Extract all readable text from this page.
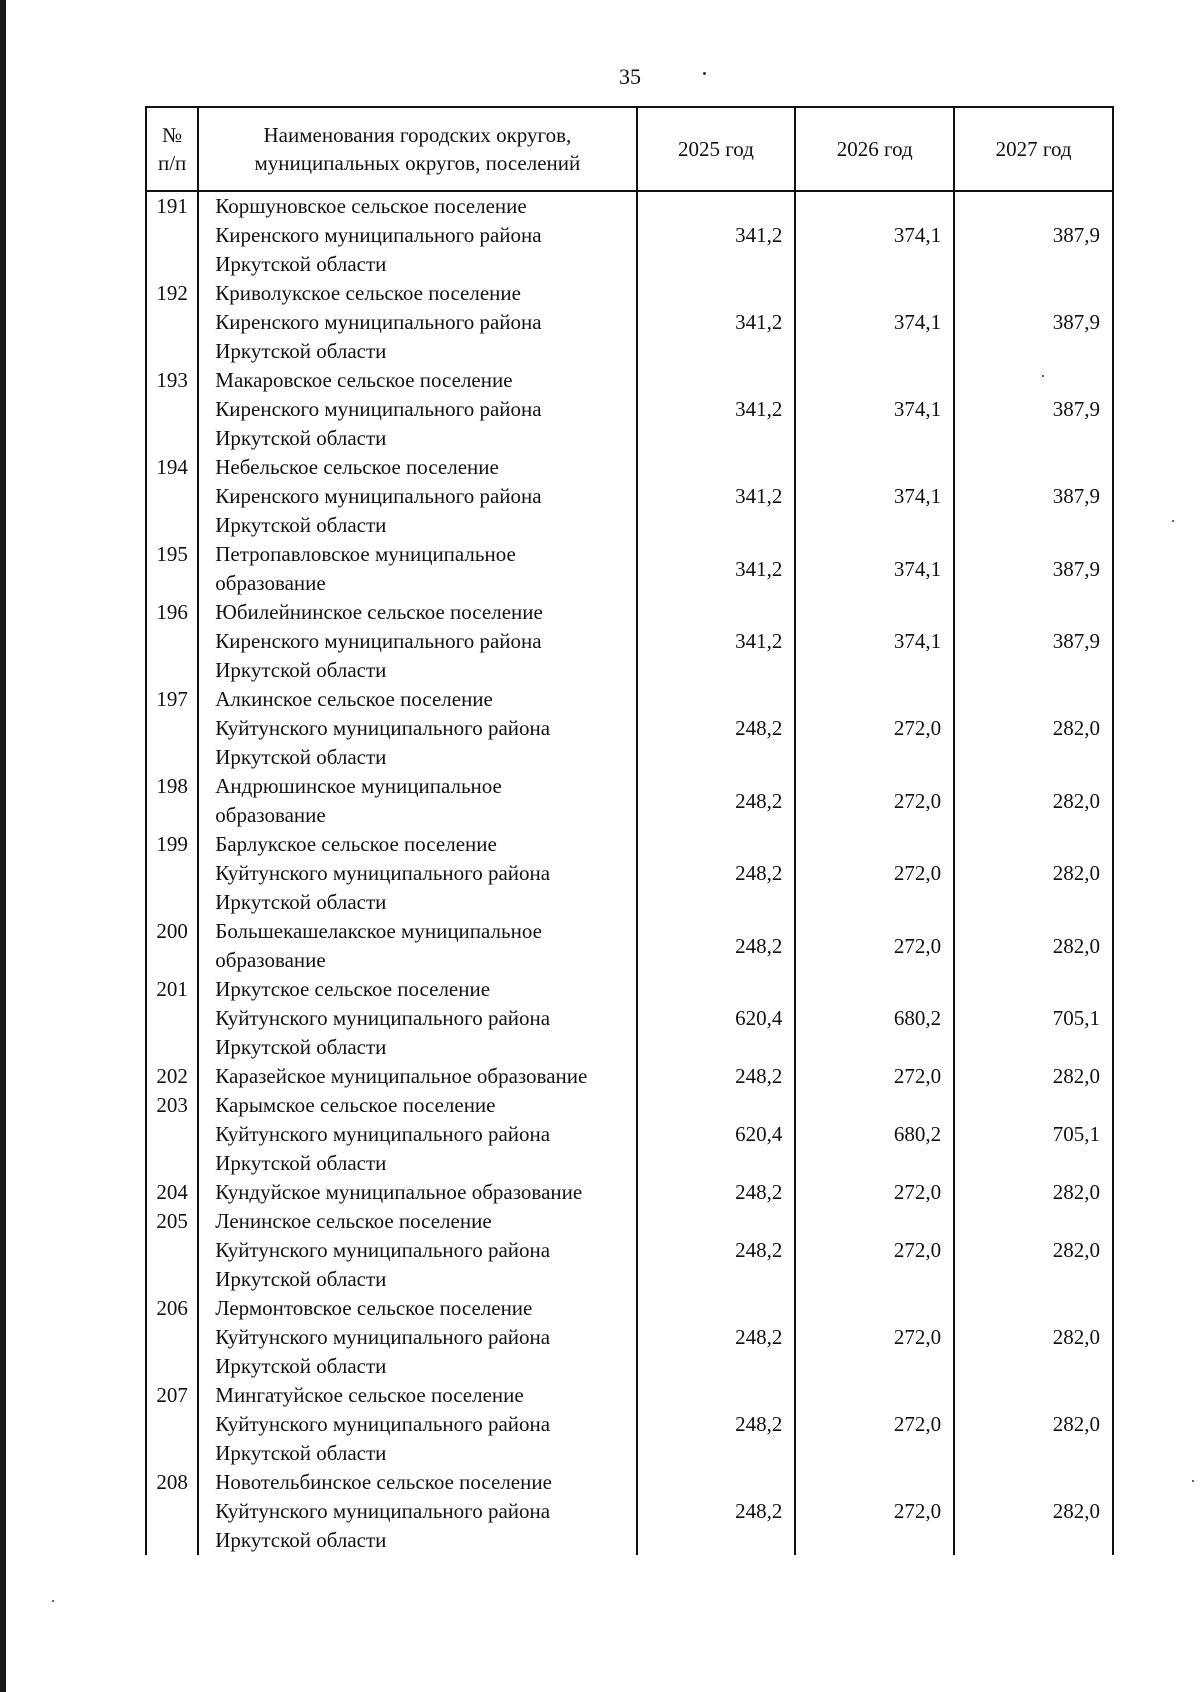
35
№ п/п	Наименования городских округов, муниципальных округов, поселений	2025 год	2026 год	2027 год
191	Коршуновское сельское поселение
Киренского муниципального района
Иркутской области	341,2	374,1	387,9
192	Криволукское сельское поселение
Киренского муниципального района
Иркутской области	341,2	374,1	387,9
193	Макаровское сельское поселение
Киренского муниципального района
Иркутской области	341,2	374,1	387,9
194	Небельское сельское поселение
Киренского муниципального района
Иркутской области	341,2	374,1	387,9
195	Петропавловское муниципальное
образование	341,2	374,1	387,9
196	Юбилейнинское сельское поселение
Киренского муниципального района
Иркутской области	341,2	374,1	387,9
197	Алкинское сельское поселение
Куйтунского муниципального района
Иркутской области	248,2	272,0	282,0
198	Андрюшинское муниципальное
образование	248,2	272,0	282,0
199	Барлукское сельское поселение
Куйтунского муниципального района
Иркутской области	248,2	272,0	282,0
200	Большекашелакское муниципальное
образование	248,2	272,0	282,0
201	Иркутское сельское поселение
Куйтунского муниципального района
Иркутской области	620,4	680,2	705,1
202	Каразейское муниципальное образование	248,2	272,0	282,0
203	Карымское сельское поселение
Куйтунского муниципального района
Иркутской области	620,4	680,2	705,1
204	Кундуйское муниципальное образование	248,2	272,0	282,0
205	Ленинское сельское поселение
Куйтунского муниципального района
Иркутской области	248,2	272,0	282,0
206	Лермонтовское сельское поселение
Куйтунского муниципального района
Иркутской области	248,2	272,0	282,0
207	Мингатуйское сельское поселение
Куйтунского муниципального района
Иркутской области	248,2	272,0	282,0
208	Новотельбинское сельское поселение
Куйтунского муниципального района
Иркутской области	248,2	272,0	282,0
